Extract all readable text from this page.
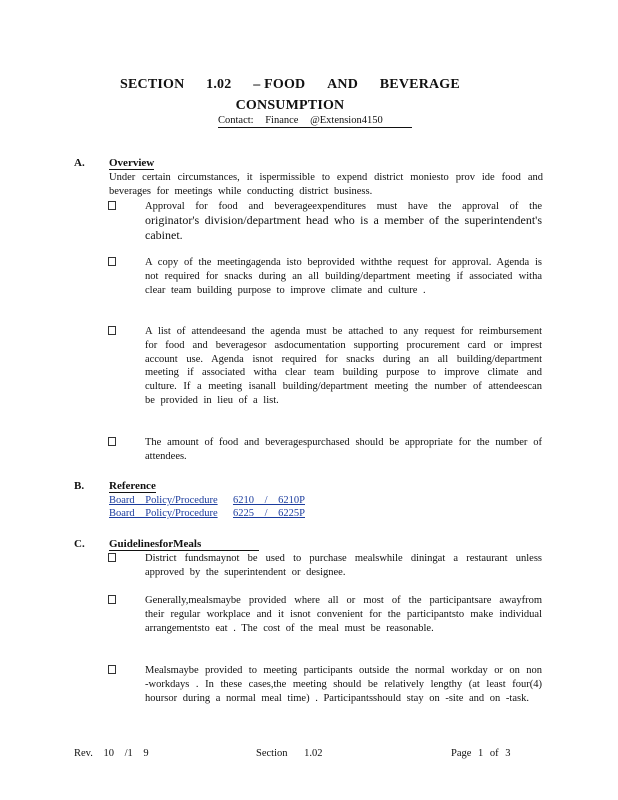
SECTION 1.02 – FOOD AND BEVERAGE
CONSUMPTION
Contact: Finance @Extension4150
A. Overview
Under certain circumstances, it ispermissible to expend district moniesto prov ide food and beverages for meetings while conducting district business.
Approval for food and beverageexpenditures must have the approval of the originator's division/department head who is a member of the superintendent's cabinet.
A copy of the meetingagenda isto beprovided withthe request for approval. Agenda is not required for snacks during an all building/department meeting if associated witha clear team building purpose to improve climate and culture .
A list of attendeesand the agenda must be attached to any request for reimbursement for food and beveragesor asdocumentation supporting procurement card or imprest account use. Agenda isnot required for snacks during an all building/department meeting if associated witha clear team building purpose to improve climate and culture. If a meeting isanall building/department meeting the number of attendeescan be provided in lieu of a list.
The amount of food and beveragespurchased should be appropriate for the number of attendees.
B. Reference
Board Policy/Procedure 6210 / 6210P
Board Policy/Procedure 6225 / 6225P
C. GuidelinesforMeals
District fundsmaynot be used to purchase mealswhile diningat a restaurant unless approved by the superintendent or designee.
Generally,mealsmaybe provided where all or most of the participantsare awayfrom their regular workplace and it isnot convenient for the participantsto make individual arrangementsto eat . The cost of the meal must be reasonable.
Mealsmaybe provided to meeting participants outside the normal workday or on non -workdays . In these cases,the meeting should be relatively lengthy (at least four(4) hoursor during a normal meal time) . Participantsshould stay on -site and on -task.
Rev. 10 /1 9	Section 1.02	Page 1 of 3
